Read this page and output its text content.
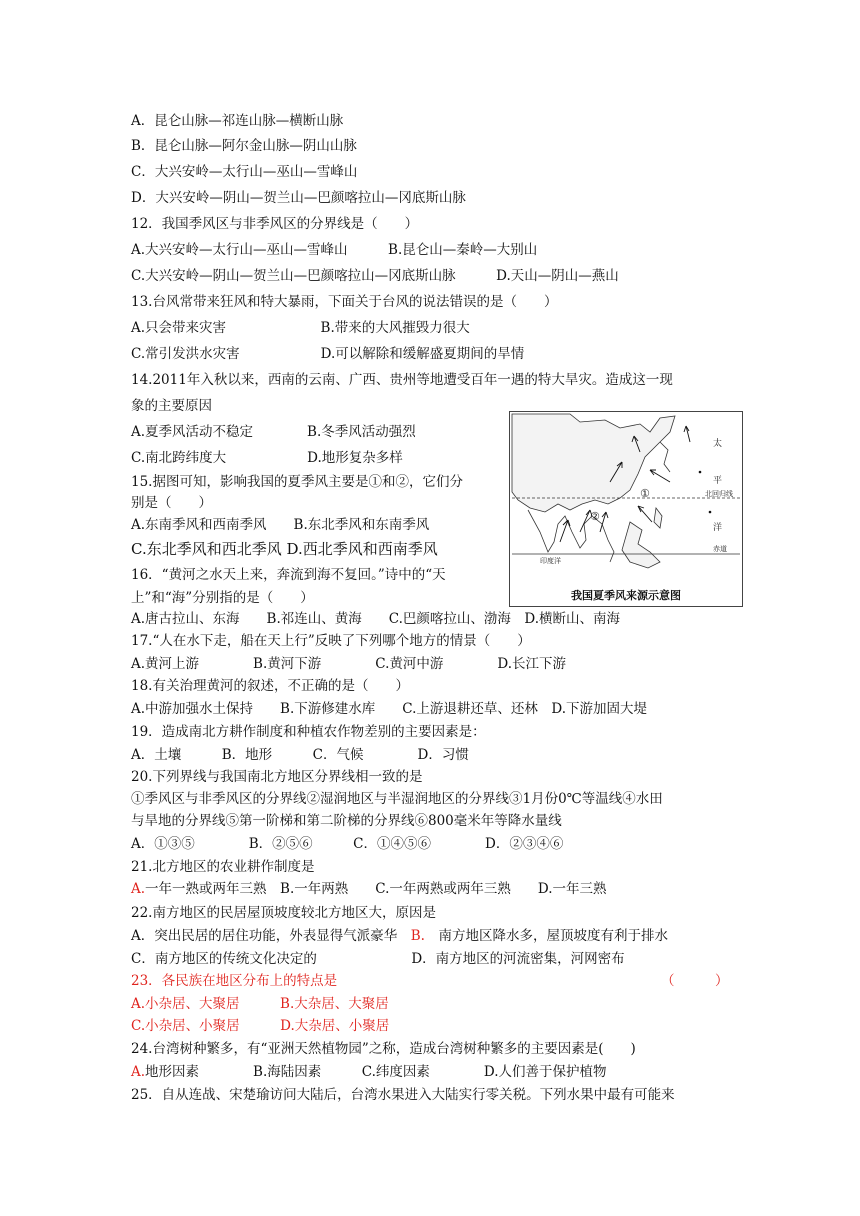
A．昆仑山脉—祁连山脉—横断山脉
B．昆仑山脉—阿尔金山脉—阴山山脉
C．大兴安岭—太行山—巫山—雪峰山
D．大兴安岭—阴山—贺兰山—巴颜喀拉山—冈底斯山脉
12．我国季风区与非季风区的分界线是（　　）
A.大兴安岭—太行山—巫山—雪峰山　　　B.昆仑山—秦岭—大别山
C.大兴安岭—阴山—贺兰山—巴颜喀拉山—冈底斯山脉　　　D.天山—阴山—燕山
13.台风常带来狂风和特大暴雨，下面关于台风的说法错误的是（　　）
A.只会带来灾害　　　　　　　B.带来的大风摧毁力很大
C.常引发洪水灾害　　　　　　D.可以解除和缓解盛夏期间的旱情
14.2011年入秋以来，西南的云南、广西、贵州等地遭受百年一遇的特大旱灾。造成这一现
象的主要原因
A.夏季风活动不稳定　　　　B.冬季风活动强烈
C.南北跨纬度大　　　　　　D.地形复杂多样
15.据图可知，影响我国的夏季风主要是①和②，它们分
别是（　　）
A.东南季风和西南季风　　B.东北季风和东南季风
C.东北季风和西北季风 D.西北季风和西南季风
16．“黄河之水天上来，奔流到海不复回。”诗中的“天
上”和“海”分别指的是（　　）
A.唐古拉山、东海　　B.祁连山、黄海　　C.巴颜喀拉山、渤海　D.横断山、南海
17.“人在水下走，船在天上行”反映了下列哪个地方的情景（　　）
A.黄河上游　　　　B.黄河下游　　　　C.黄河中游　　　　D.长江下游
18.有关治理黄河的叙述，不正确的是（　　）
A.中游加强水土保持　　B.下游修建水库　　C.上游退耕还草、还林　D.下游加固大堤
19．造成南北方耕作制度和种植农作物差别的主要因素是：
A．土壤　　　B．地形　　　C．气候　　　　D．习惯
20.下列界线与我国南北方地区分界线相一致的是
①季风区与非季风区的分界线②湿润地区与半湿润地区的分界线③1月份0℃等温线④水田
与旱地的分界线⑤第一阶梯和第二阶梯的分界线⑥800毫米年等降水量线
A．①③⑤　　　　B．②⑤⑥　　　C．①④⑤⑥　　　　D．②③④⑥
21.北方地区的农业耕作制度是
A.一年一熟或两年三熟　B.一年两熟　　C.一年两熟或两年三熟　　D.一年三熟
22.南方地区的民居屋顶坡度较北方地区大，原因是
A．突出民居的居住功能，外表显得气派豪华　B.　南方地区降水多，屋顶坡度有利于排水
C．南方地区的传统文化决定的　　　　　　　D．南方地区的河流密集，河网密布
23．各民族在地区分布上的特点是	（　　　）
A.小杂居、大聚居　　　B.大杂居、大聚居
C.小杂居、小聚居　　　D.大杂居、小聚居
24.台湾树种繁多，有“亚洲天然植物园”之称，造成台湾树种繁多的主要因素是(　　)
A.地形因素　　　　B.海陆因素　　　C.纬度因素　　　　D.人们善于保护植物
25．自从连战、宋楚瑜访问大陆后，台湾水果进入大陆实行零关税。下列水果中最有可能来
太
平
北回归线
洋
赤道
印度洋
①
②
我国夏季风来源示意图
